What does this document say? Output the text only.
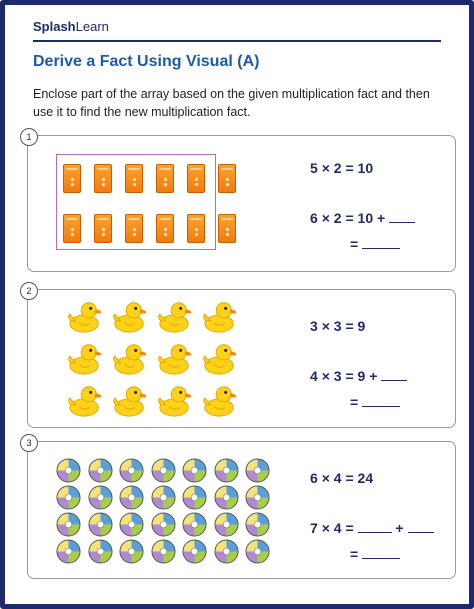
SplashLearn
Derive a Fact Using Visual (A)
Enclose part of the array based on the given multiplication fact and then use it to find the new multiplication fact.
1
5 × 2 = 10
6 × 2 = 10 +
=
2
3 × 3 = 9
4 × 3 = 9 +
=
3
6 × 4 = 24
7 × 4 =	+
=
